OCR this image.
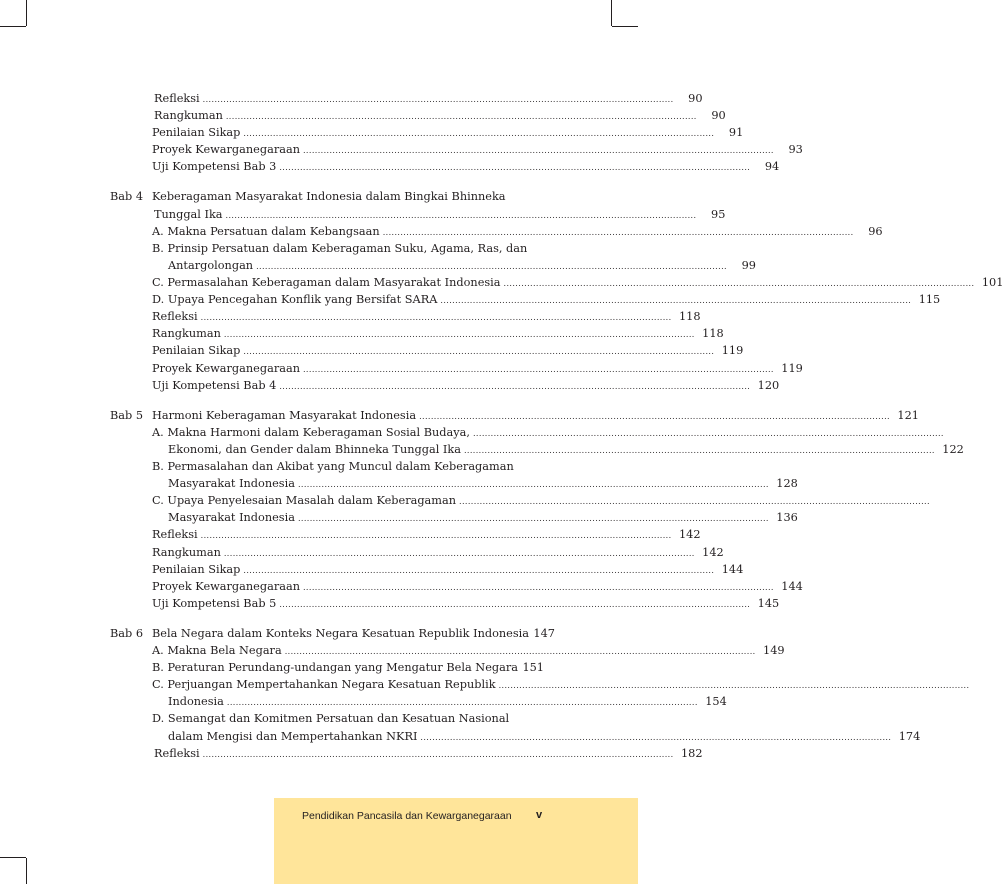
Refleksi ................................................................................................................................................................	90
Rangkuman ................................................................................................................................................................	90
Penilaian Sikap ................................................................................................................................................................	91
Proyek Kewarganegaraan ................................................................................................................................................................	93
Uji Kompetensi Bab 3 ................................................................................................................................................................	94
Bab 4 Keberagaman Masyarakat Indonesia dalam Bingkai Bhinneka
Tunggal Ika ................................................................................................................................................................	95
A. Makna Persatuan dalam Kebangsaan ................................................................................................................................................................	96
B. Prinsip Persatuan dalam Keberagaman Suku, Agama, Ras, dan
Antargolongan ................................................................................................................................................................	99
C. Permasalahan Keberagaman dalam Masyarakat Indonesia ................................................................................................................................................................ 101
D. Upaya Pencegahan Konflik yang Bersifat SARA ................................................................................................................................................................ 115
Refleksi ................................................................................................................................................................ 118
Rangkuman ................................................................................................................................................................ 118
Penilaian Sikap ................................................................................................................................................................ 119
Proyek Kewarganegaraan ................................................................................................................................................................ 119
Uji Kompetensi Bab 4 ................................................................................................................................................................ 120
Bab 5 Harmoni Keberagaman Masyarakat Indonesia ................................................................................................................................................................ 121
A. Makna Harmoni dalam Keberagaman Sosial Budaya, ................................................................................................................................................................
Ekonomi, dan Gender dalam Bhinneka Tunggal Ika ................................................................................................................................................................ 122
B. Permasalahan dan Akibat yang Muncul dalam Keberagaman
Masyarakat Indonesia ................................................................................................................................................................ 128
C. Upaya Penyelesaian Masalah dalam Keberagaman ................................................................................................................................................................
Masyarakat Indonesia ................................................................................................................................................................ 136
Refleksi ................................................................................................................................................................ 142
Rangkuman ................................................................................................................................................................ 142
Penilaian Sikap ................................................................................................................................................................ 144
Proyek Kewarganegaraan ................................................................................................................................................................ 144
Uji Kompetensi Bab 5 ................................................................................................................................................................ 145
Bab 6 Bela Negara dalam Konteks Negara Kesatuan Republik Indonesia 147
A. Makna Bela Negara ................................................................................................................................................................ 149
B. Peraturan Perundang-undangan yang Mengatur Bela Negara 151
C. Perjuangan Mempertahankan Negara Kesatuan Republik ................................................................................................................................................................
Indonesia ................................................................................................................................................................ 154
D. Semangat dan Komitmen Persatuan dan Kesatuan Nasional
dalam Mengisi dan Mempertahankan NKRI ................................................................................................................................................................ 174
Refleksi ................................................................................................................................................................ 182
Pendidikan Pancasila dan Kewarganegaraan v
